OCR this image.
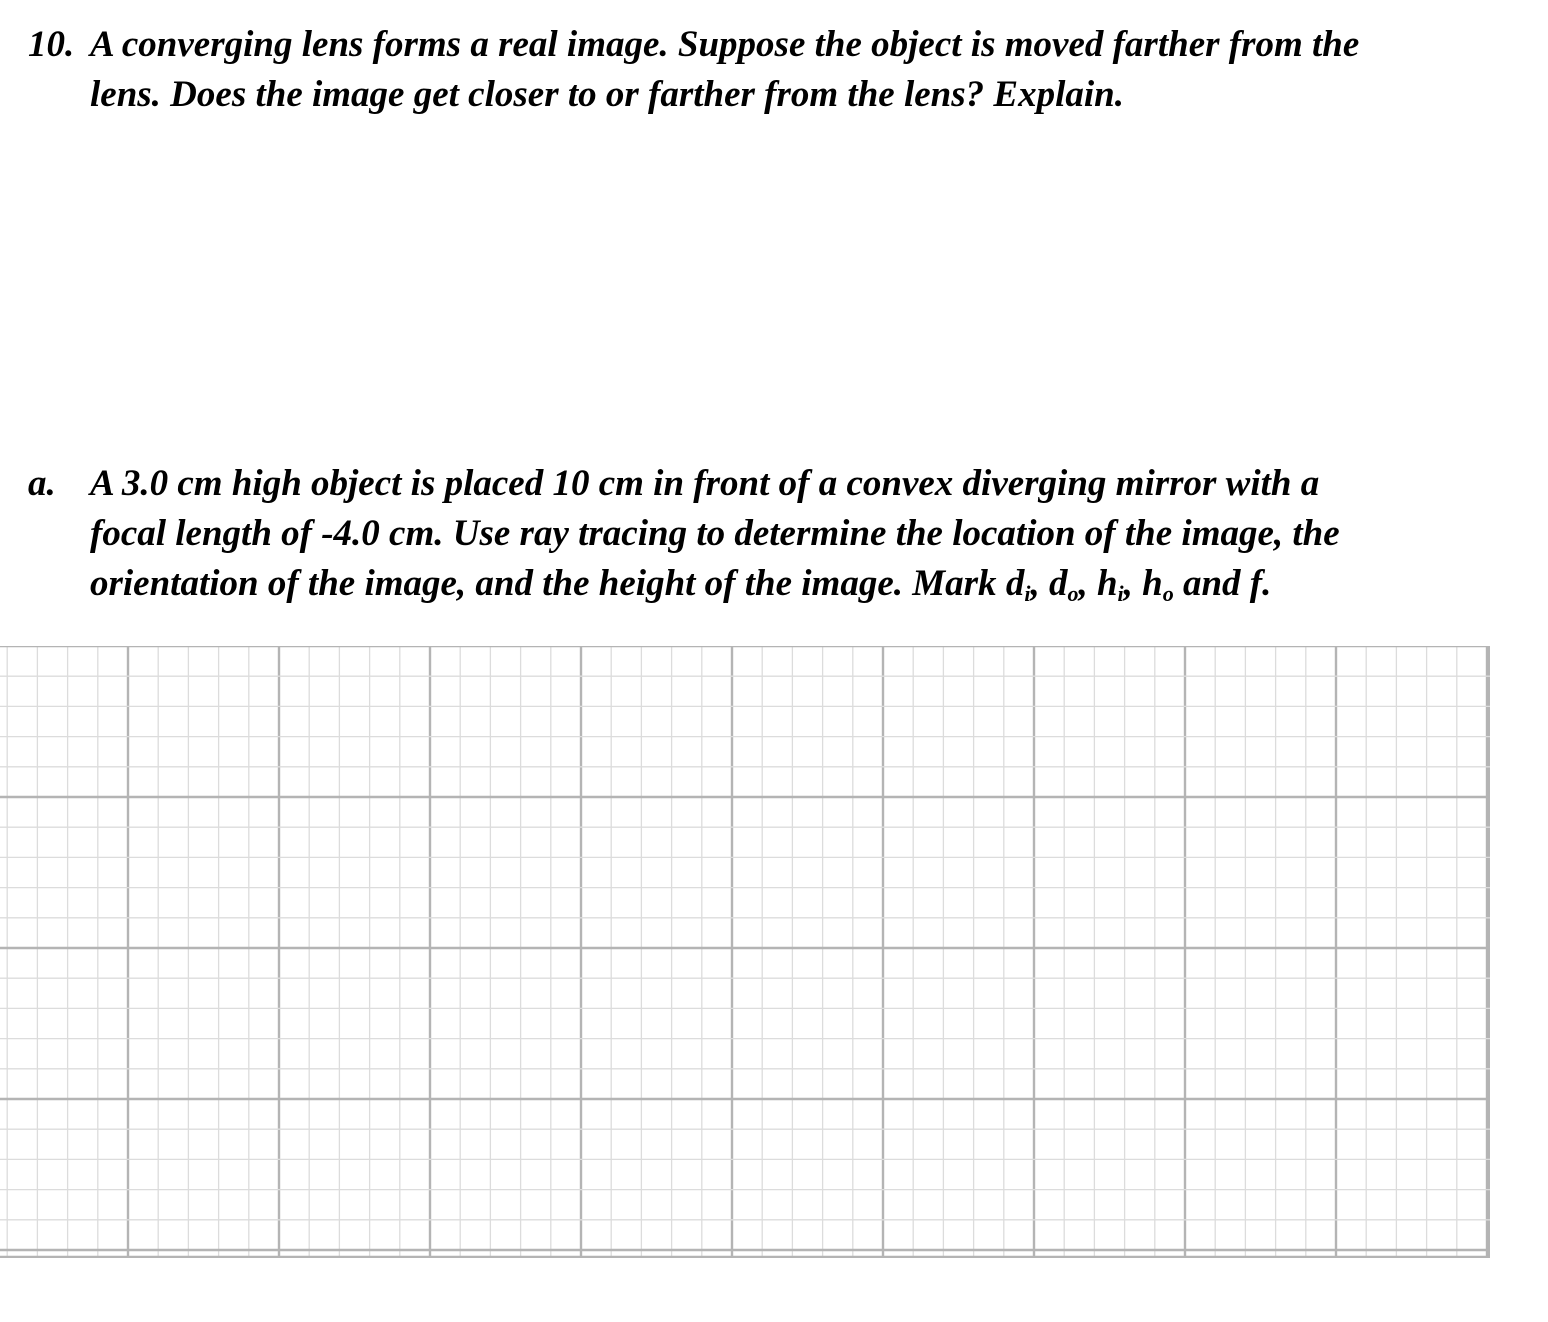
10. A converging lens forms a real image. Suppose the object is moved farther from the
lens. Does the image get closer to or farther from the lens? Explain.
a. A 3.0 cm high object is placed 10 cm in front of a convex diverging mirror with a
focal length of -4.0 cm. Use ray tracing to determine the location of the image, the
orientation of the image, and the height of the image. Mark $d_i$, $d_o$, $h_i$, $h_o$ and f.
